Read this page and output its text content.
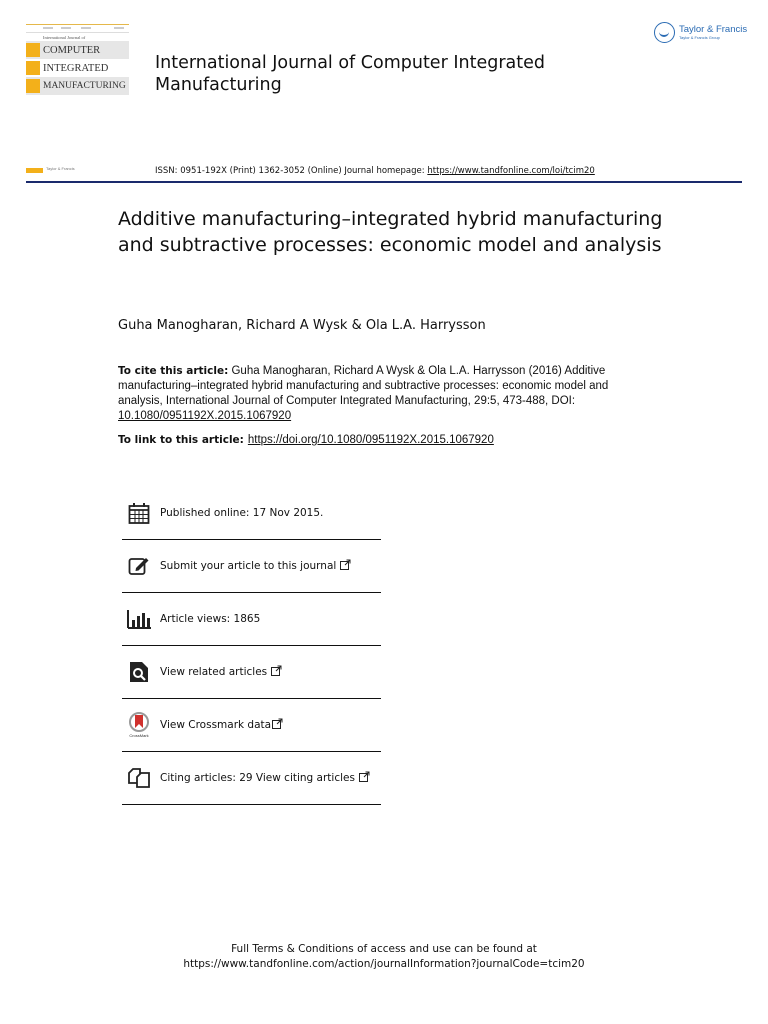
International Journal of
COMPUTER
INTEGRATED
MANUFACTURING
International Journal of Computer Integrated Manufacturing
Taylor & Francis
Taylor & Francis Group
Taylor & Francis	ISSN: 0951-192X (Print) 1362-3052 (Online) Journal homepage: https://www.tandfonline.com/loi/tcim20
Additive manufacturing–integrated hybrid manufacturing and subtractive processes: economic model and analysis
Guha Manogharan, Richard A Wysk & Ola L.A. Harrysson
To cite this article: Guha Manogharan, Richard A Wysk & Ola L.A. Harrysson (2016) Additive manufacturing–integrated hybrid manufacturing and subtractive processes: economic model and analysis, International Journal of Computer Integrated Manufacturing, 29:5, 473-488, DOI: 10.1080/0951192X.2015.1067920
To link to this article: https://doi.org/10.1080/0951192X.2015.1067920
Published online: 17 Nov 2015.
Submit your article to this journal
Article views: 1865
View related articles
CrossMark
View Crossmark data
Citing articles: 29 View citing articles
Full Terms & Conditions of access and use can be found at
https://www.tandfonline.com/action/journalInformation?journalCode=tcim20
